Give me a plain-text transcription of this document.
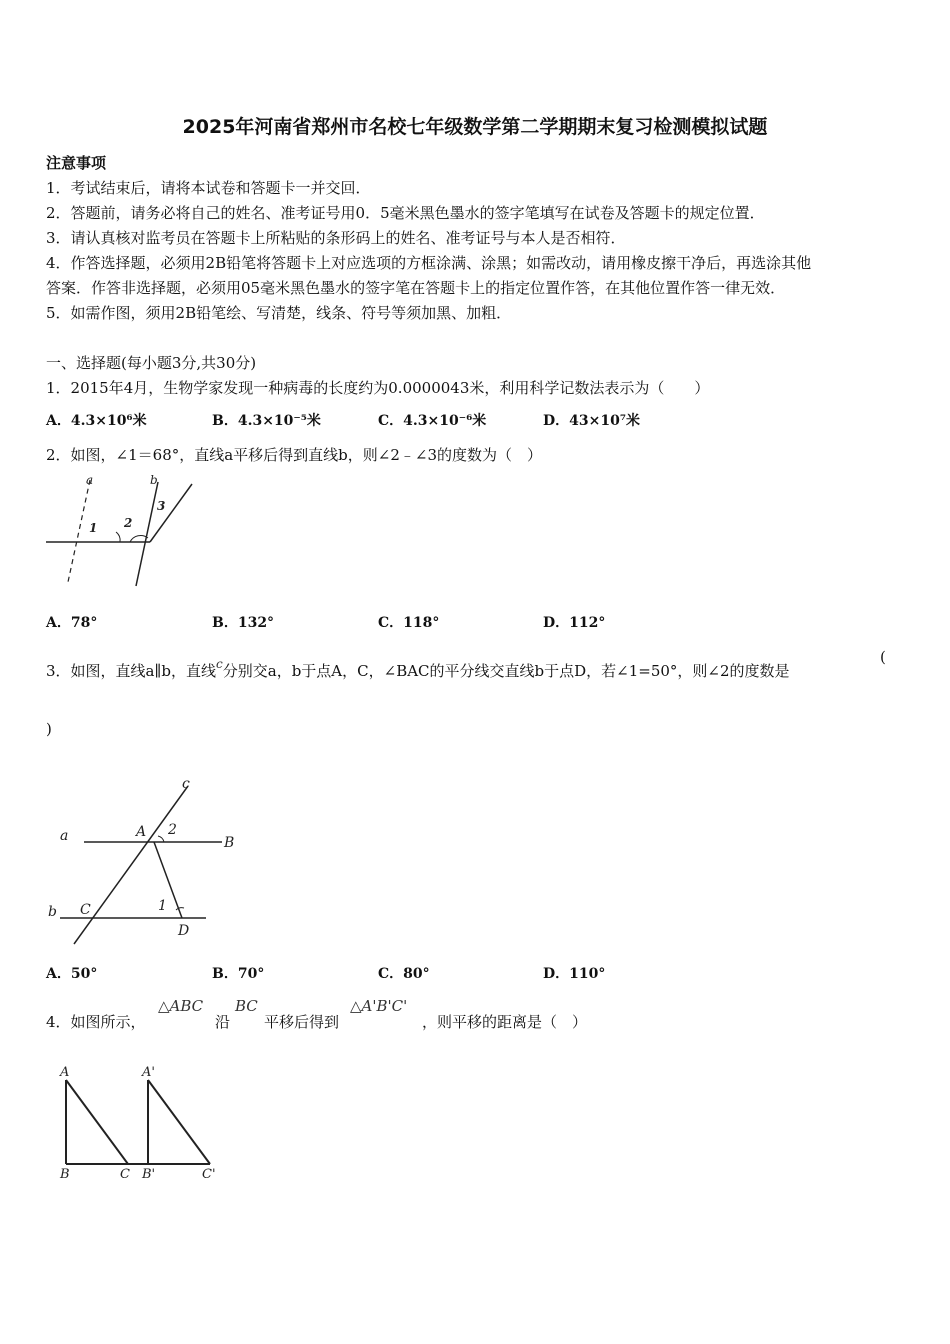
2025年河南省郑州市名校七年级数学第二学期期末复习检测模拟试题
注意事项
1．考试结束后，请将本试卷和答题卡一并交回．
2．答题前，请务必将自己的姓名、准考证号用0．5毫米黑色墨水的签字笔填写在试卷及答题卡的规定位置．
3．请认真核对监考员在答题卡上所粘贴的条形码上的姓名、准考证号与本人是否相符．
4．作答选择题，必须用2B铅笔将答题卡上对应选项的方框涂满、涂黑；如需改动，请用橡皮擦干净后，再选涂其他
答案．作答非选择题，必须用05毫米黑色墨水的签字笔在答题卡上的指定位置作答，在其他位置作答一律无效．
5．如需作图，须用2B铅笔绘、写清楚，线条、符号等须加黑、加粗．
一、选择题(每小题3分,共30分)
1．2015年4月，生物学家发现一种病毒的长度约为0.0000043米，利用科学记数法表示为（　　）
A．4.3×10⁶米	B．4.3×10⁻⁵米	C．4.3×10⁻⁶米	D．43×10⁷米
2．如图，∠1＝68°，直线a平移后得到直线b，则∠2﹣∠3的度数为（　）
a	b
1 2
3
A．78°	B．132°	C．118°	D．112°
3．如图，直线a∥b，直线$^c$分别交a，b于点A，C，∠BAC的平分线交直线b于点D，若∠1=50°，则∠2的度数是
(
)
c
a	A 2
B
b C	1
D
A．50°	B．70°	C．80°	D．110°
4．如图所示，
△ABC
沿
BC
平移后得到
△A'B'C'
，则平移的距离是（　）
A	A'
B	C B'	C'
